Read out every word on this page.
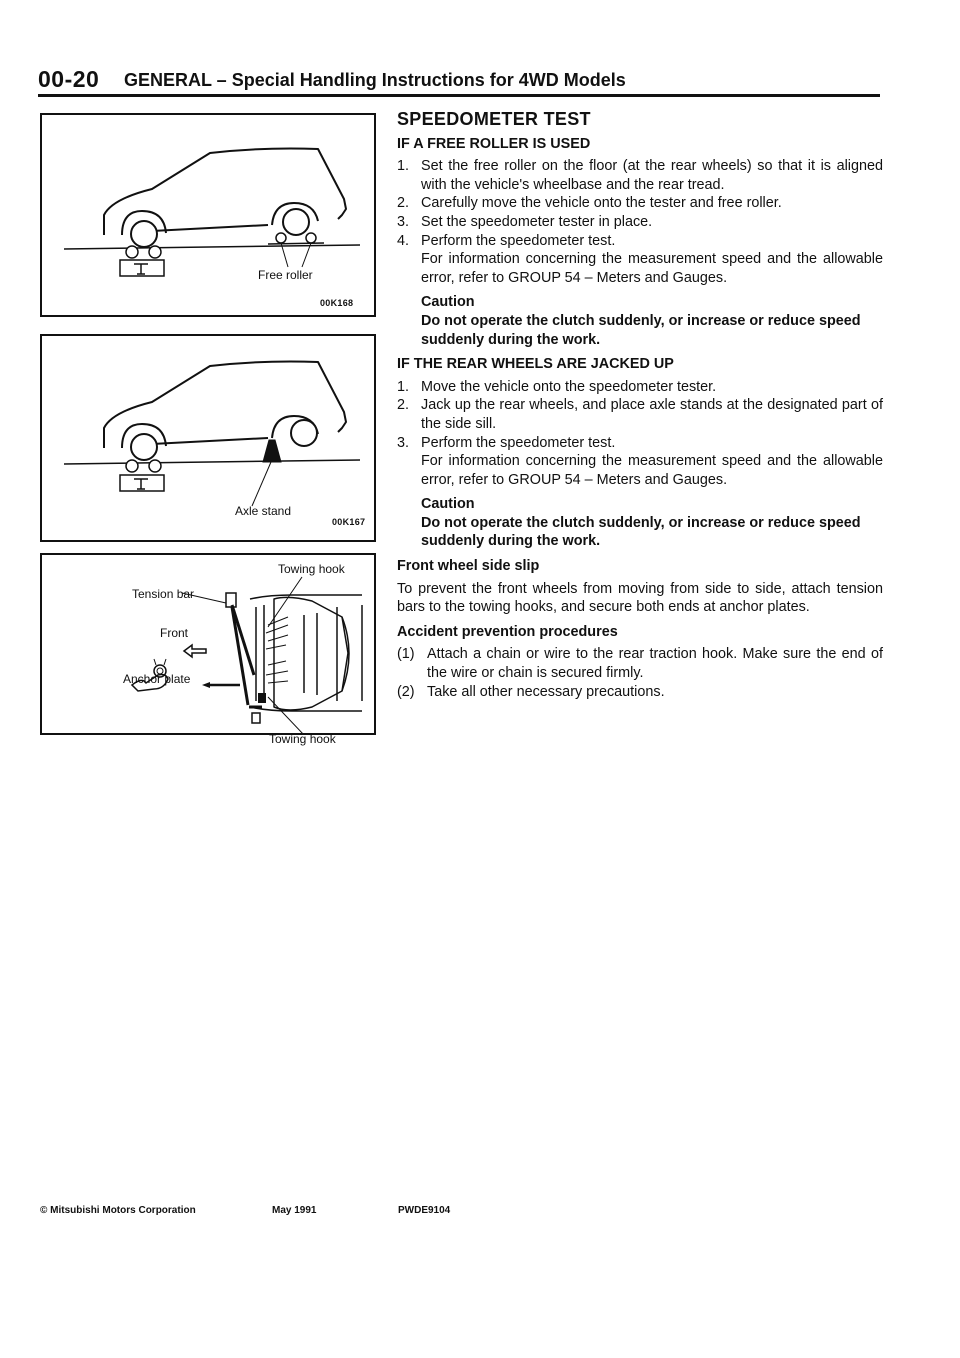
00-20 GENERAL – Special Handling Instructions for 4WD Models
Free roller
00K168
Axle stand
00K167
Towing hook
Tension bar
Front
Anchor plate
Towing hook
SPEEDOMETER TEST
IF A FREE ROLLER IS USED
1. Set the free roller on the floor (at the rear wheels) so that it is aligned with the vehicle's wheelbase and the rear tread.
2. Carefully move the vehicle onto the tester and free roller.
3. Set the speedometer tester in place.
4. Perform the speedometer test.

For information concerning the measurement speed and the allowable error, refer to GROUP 54 – Meters and Gauges.

Caution
Do not operate the clutch suddenly, or increase or reduce speed suddenly during the work.
IF THE REAR WHEELS ARE JACKED UP
1. Move the vehicle onto the speedometer tester.
2. Jack up the rear wheels, and place axle stands at the designated part of the side sill.
3. Perform the speedometer test.

For information concerning the measurement speed and the allowable error, refer to GROUP 54 – Meters and Gauges.

Caution
Do not operate the clutch suddenly, or increase or reduce speed suddenly during the work.
Front wheel side slip

To prevent the front wheels from moving from side to side, attach tension bars to the towing hooks, and secure both ends at anchor plates.

Accident prevention procedures
(1) Attach a chain or wire to the rear traction hook. Make sure the end of the wire or chain is secured firmly.
(2) Take all other necessary precautions.
© Mitsubishi Motors Corporation	May 1991	PWDE9104
